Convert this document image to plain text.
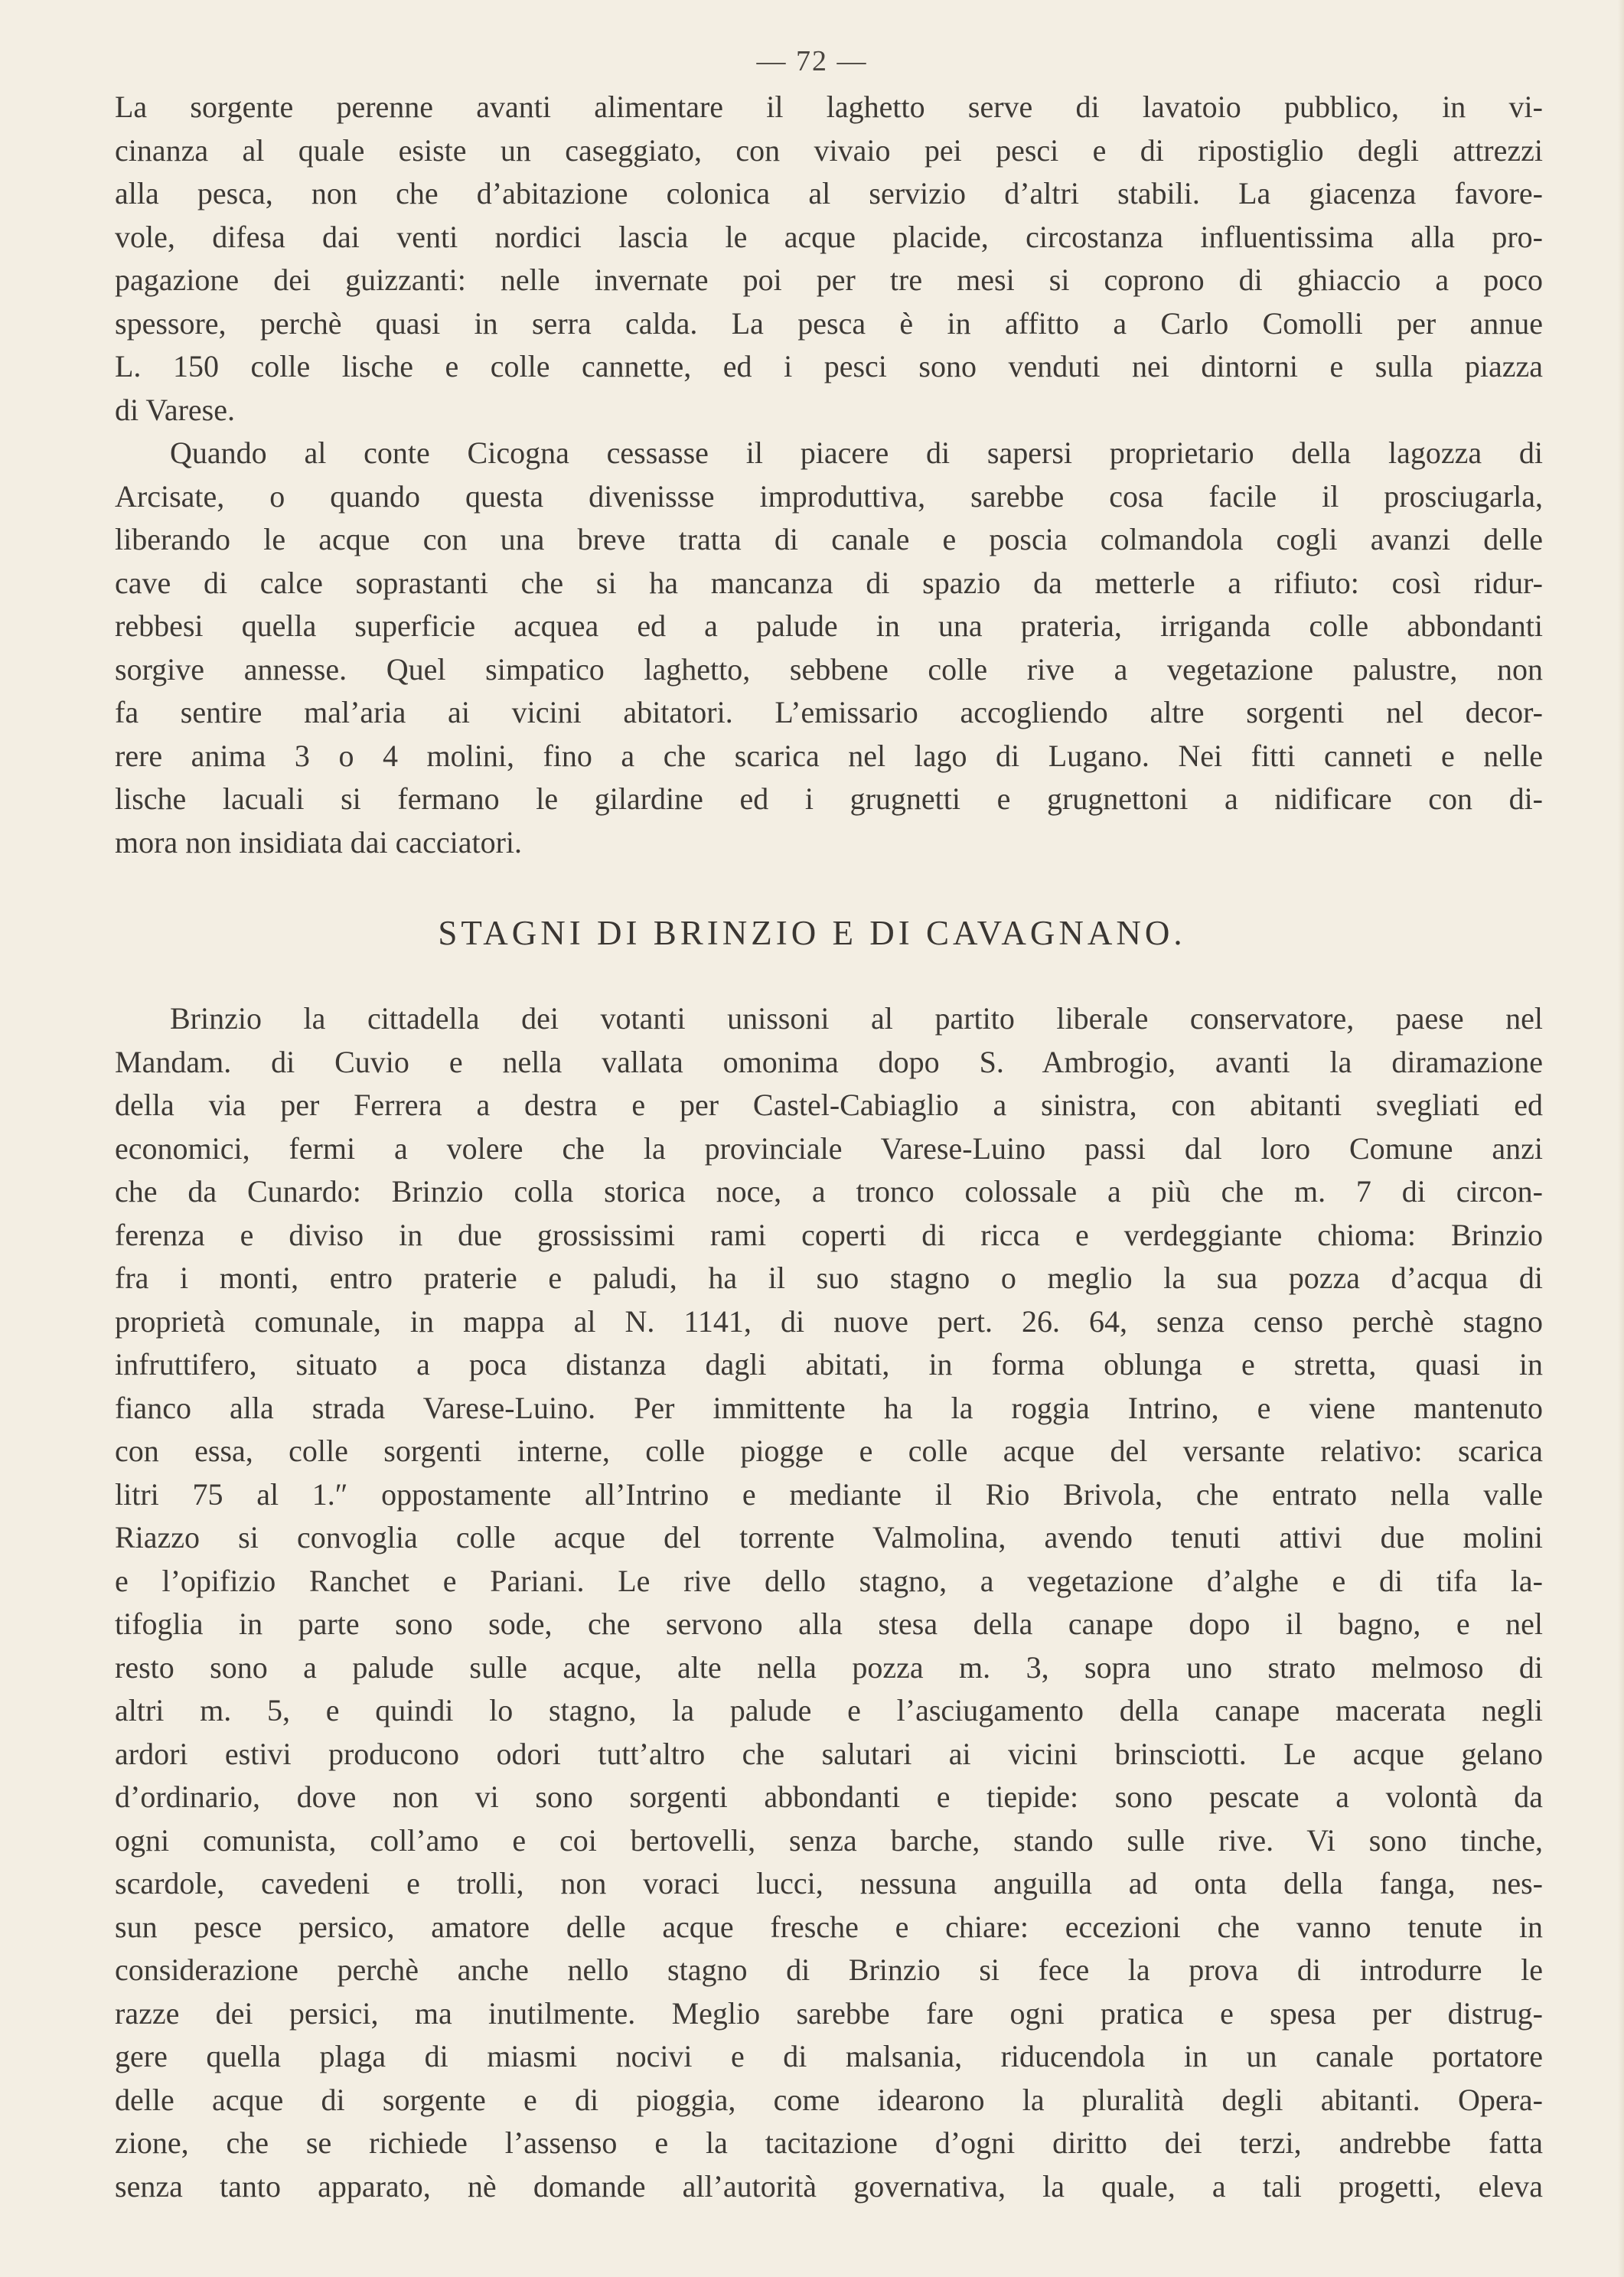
— 72 —

La sorgente perenne avanti alimentare il laghetto serve di lavatoio pubblico, in vi-
cinanza al quale esiste un caseggiato, con vivaio pei pesci e di ripostiglio degli attrezzi
alla pesca, non che d’abitazione colonica al servizio d’altri stabili. La giacenza favore-
vole, difesa dai venti nordici lascia le acque placide, circostanza influentissima alla pro-
pagazione dei guizzanti: nelle invernate poi per tre mesi si coprono di ghiaccio a poco
spessore, perchè quasi in serra calda. La pesca è in affitto a Carlo Comolli per annue
L. 150 colle lische e colle cannette, ed i pesci sono venduti nei dintorni e sulla piazza
di Varese.

Quando al conte Cicogna cessasse il piacere di sapersi proprietario della lagozza di
Arcisate, o quando questa divenissse improduttiva, sarebbe cosa facile il prosciugarla,
liberando le acque con una breve tratta di canale e poscia colmandola cogli avanzi delle
cave di calce soprastanti che si ha mancanza di spazio da metterle a rifiuto: così ridur-
rebbesi quella superficie acquea ed a palude in una prateria, irriganda colle abbondanti
sorgive annesse. Quel simpatico laghetto, sebbene colle rive a vegetazione palustre, non
fa sentire mal’aria ai vicini abitatori. L’emissario accogliendo altre sorgenti nel decor-
rere anima 3 o 4 molini, fino a che scarica nel lago di Lugano. Nei fitti canneti e nelle
lische lacuali si fermano le gilardine ed i grugnetti e grugnettoni a nidificare con di-
mora non insidiata dai cacciatori.

STAGNI DI BRINZIO E DI CAVAGNANO.

Brinzio la cittadella dei votanti unissoni al partito liberale conservatore, paese nel
Mandam. di Cuvio e nella vallata omonima dopo S. Ambrogio, avanti la diramazione
della via per Ferrera a destra e per Castel-Cabiaglio a sinistra, con abitanti svegliati ed
economici, fermi a volere che la provinciale Varese-Luino passi dal loro Comune anzi
che da Cunardo: Brinzio colla storica noce, a tronco colossale a più che m. 7 di circon-
ferenza e diviso in due grossissimi rami coperti di ricca e verdeggiante chioma: Brinzio
fra i monti, entro praterie e paludi, ha il suo stagno o meglio la sua pozza d’acqua di
proprietà comunale, in mappa al N. 1141, di nuove pert. 26. 64, senza censo perchè stagno
infruttifero, situato a poca distanza dagli abitati, in forma oblunga e stretta, quasi in
fianco alla strada Varese-Luino. Per immittente ha la roggia Intrino, e viene mantenuto
con essa, colle sorgenti interne, colle piogge e colle acque del versante relativo: scarica
litri 75 al 1.″ oppostamente all’Intrino e mediante il Rio Brivola, che entrato nella valle
Riazzo si convoglia colle acque del torrente Valmolina, avendo tenuti attivi due molini
e l’opifizio Ranchet e Pariani. Le rive dello stagno, a vegetazione d’alghe e di tifa la-
tifoglia in parte sono sode, che servono alla stesa della canape dopo il bagno, e nel
resto sono a palude sulle acque, alte nella pozza m. 3, sopra uno strato melmoso di
altri m. 5, e quindi lo stagno, la palude e l’asciugamento della canape macerata negli
ardori estivi producono odori tutt’altro che salutari ai vicini brinsciotti. Le acque gelano
d’ordinario, dove non vi sono sorgenti abbondanti e tiepide: sono pescate a volontà da
ogni comunista, coll’amo e coi bertovelli, senza barche, stando sulle rive. Vi sono tinche,
scardole, cavedeni e trolli, non voraci lucci, nessuna anguilla ad onta della fanga, nes-
sun pesce persico, amatore delle acque fresche e chiare: eccezioni che vanno tenute in
considerazione perchè anche nello stagno di Brinzio si fece la prova di introdurre le
razze dei persici, ma inutilmente. Meglio sarebbe fare ogni pratica e spesa per distrug-
gere quella plaga di miasmi nocivi e di malsania, riducendola in un canale portatore
delle acque di sorgente e di pioggia, come idearono la pluralità degli abitanti. Opera-
zione, che se richiede l’assenso e la tacitazione d’ogni diritto dei terzi, andrebbe fatta
senza tanto apparato, nè domande all’autorità governativa, la quale, a tali progetti, eleva
